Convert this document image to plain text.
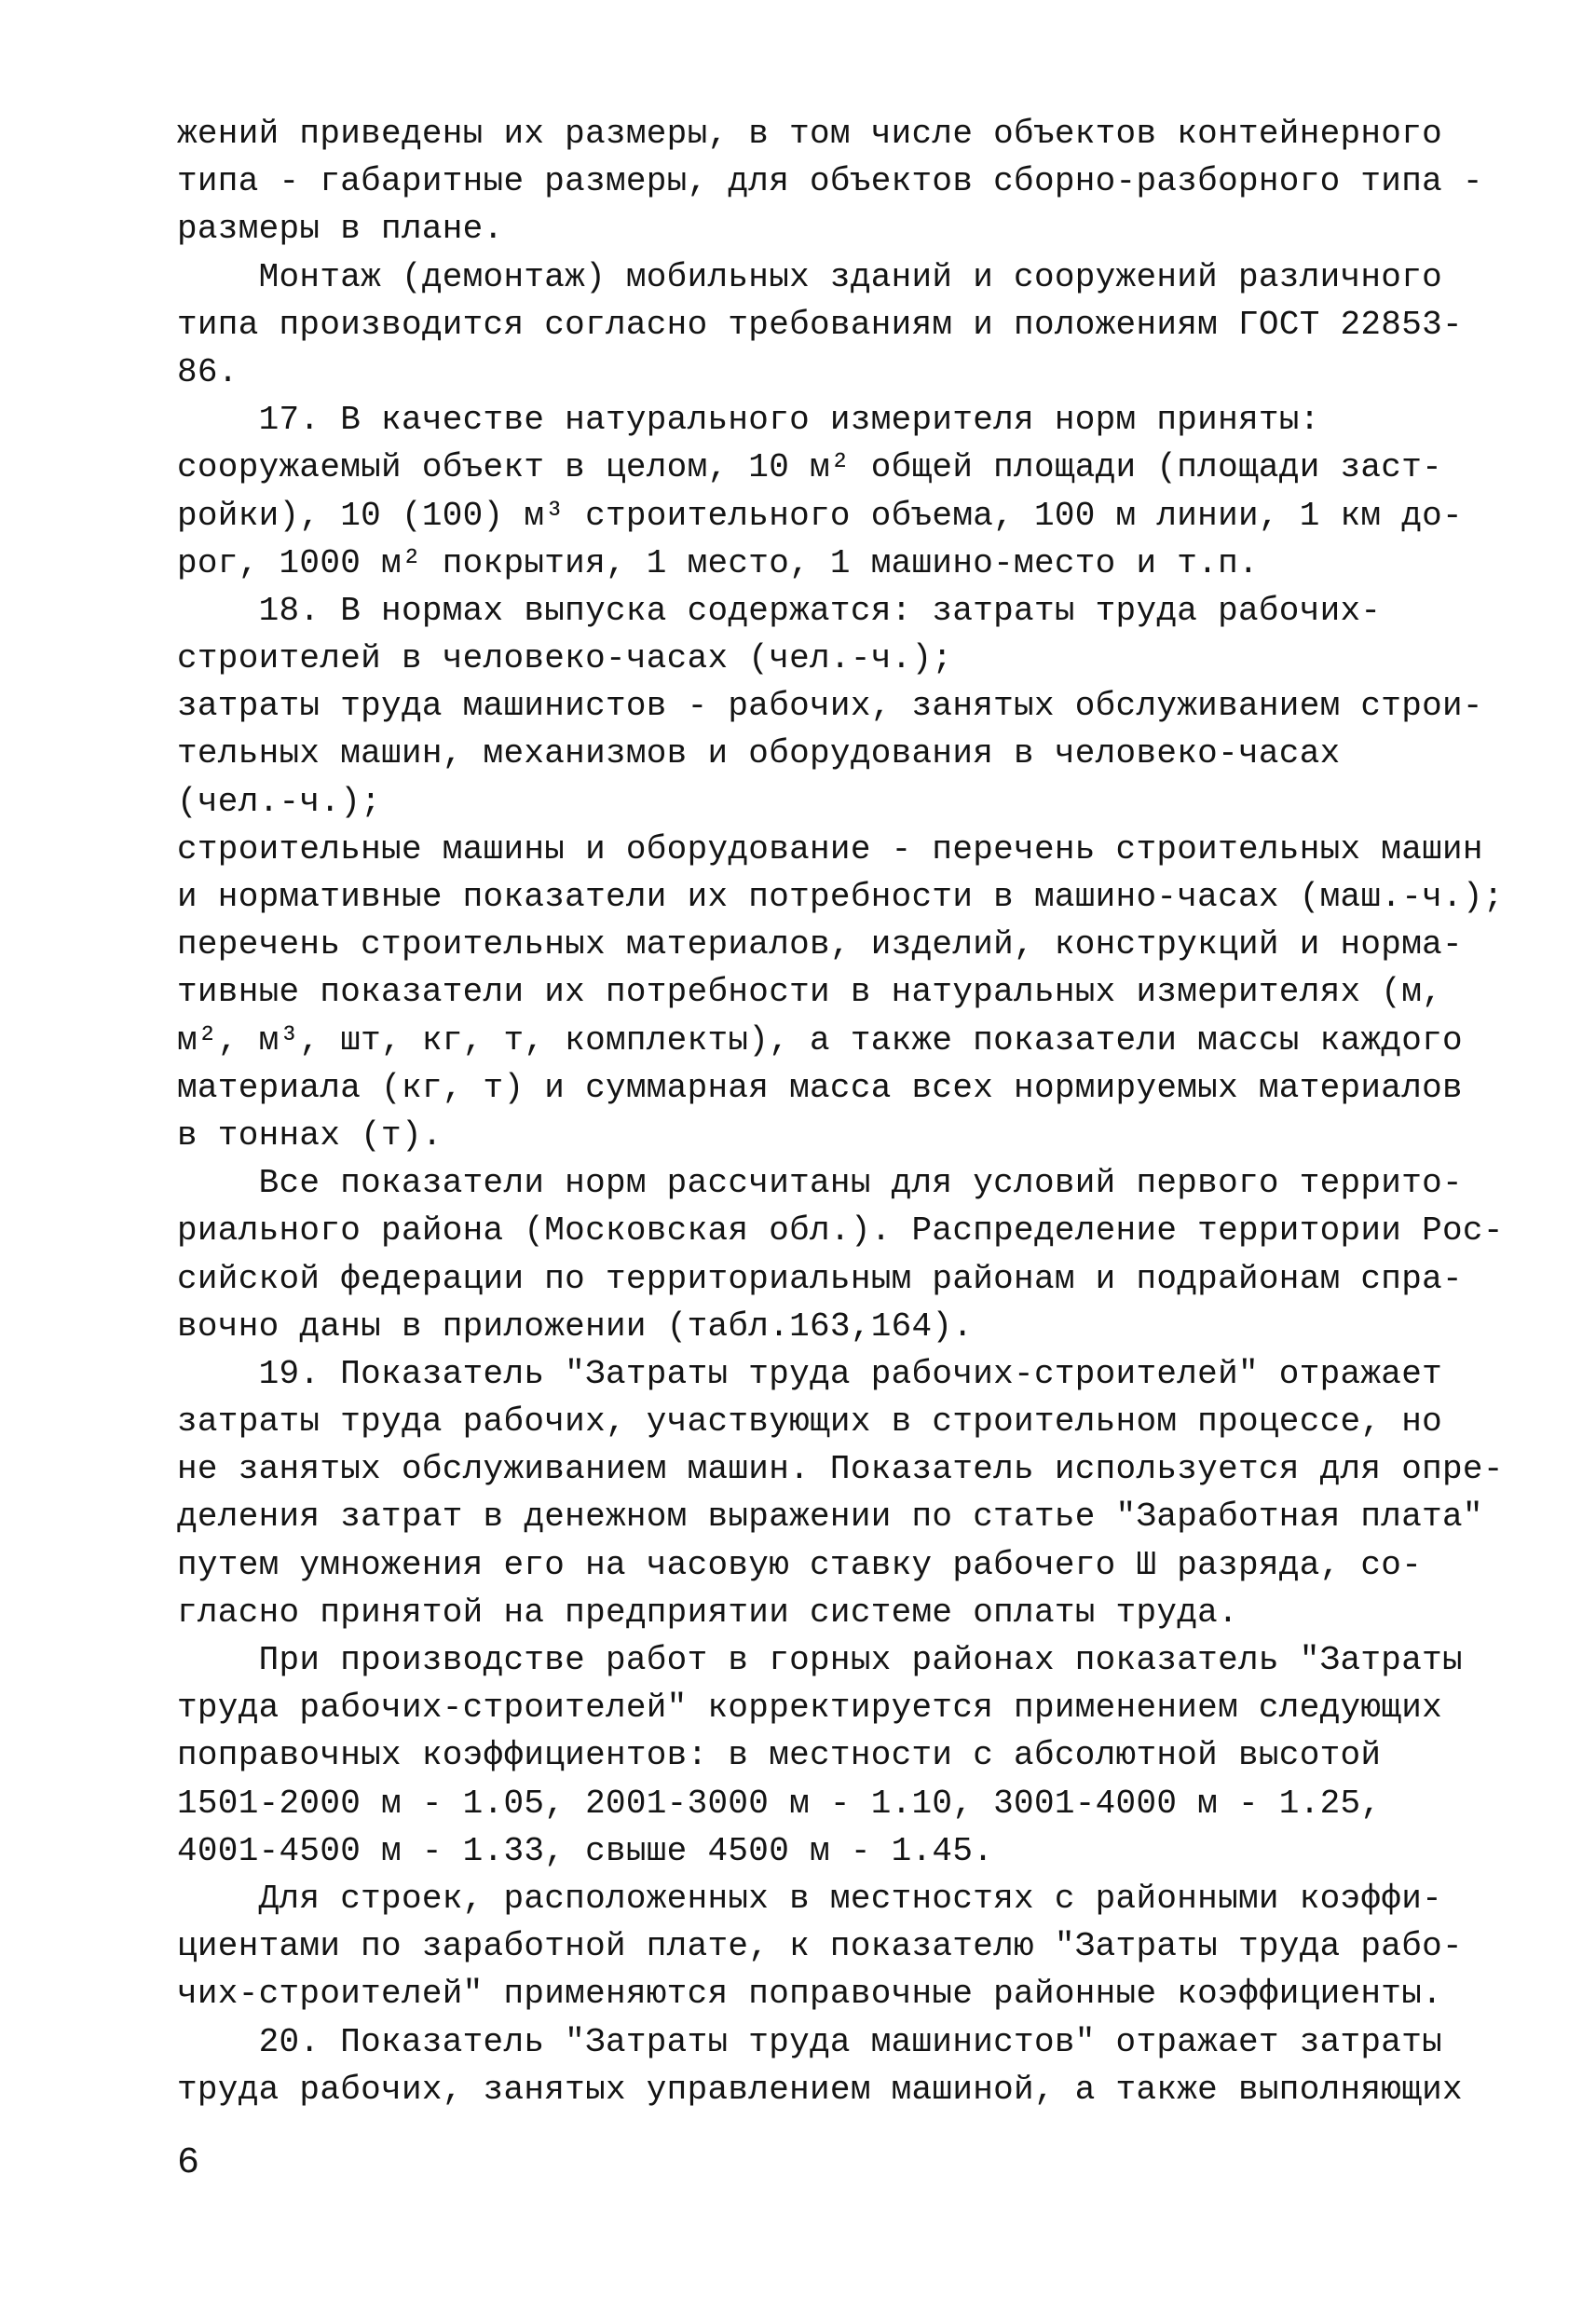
жений приведены их размеры, в том числе объектов контейнерного
типа - габаритные размеры, для объектов сборно-разборного типа -
размеры в плане.
Монтаж (демонтаж) мобильных зданий и сооружений различного
типа производится согласно требованиям и положениям ГОСТ 22853-
86.
17. В качестве натурального измерителя норм приняты:
сооружаемый объект в целом, 10 м² общей площади (площади заст-
ройки), 10 (100) м³ строительного объема, 100 м линии, 1 км до-
рог, 1000 м² покрытия, 1 место, 1 машино-место и т.п.
18. В нормах выпуска содержатся: затраты труда рабочих-
строителей в человеко-часах (чел.-ч.);
затраты труда машинистов - рабочих, занятых обслуживанием строи-
тельных машин, механизмов и оборудования в человеко-часах
(чел.-ч.);
строительные машины и оборудование - перечень строительных машин
и нормативные показатели их потребности в машино-часах (маш.-ч.);
перечень строительных материалов, изделий, конструкций и норма-
тивные показатели их потребности в натуральных измерителях (м,
м², м³, шт, кг, т, комплекты), а также показатели массы каждого
материала (кг, т) и суммарная масса всех нормируемых материалов
в тоннах (т).
Все показатели норм рассчитаны для условий первого террито-
риального района (Московская обл.). Распределение территории Рос-
сийской федерации по территориальным районам и подрайонам спра-
вочно даны в приложении (табл.163,164).
19. Показатель "Затраты труда рабочих-строителей" отражает
затраты труда рабочих, участвующих в строительном процессе, но
не занятых обслуживанием машин. Показатель используется для опре-
деления затрат в денежном выражении по статье "Заработная плата"
путем умножения его на часовую ставку рабочего Ш разряда, со-
гласно принятой на предприятии системе оплаты труда.
При производстве работ в горных районах показатель "Затраты
труда рабочих-строителей" корректируется применением следующих
поправочных коэффициентов: в местности с абсолютной высотой
1501-2000 м - 1.05, 2001-3000 м - 1.10, 3001-4000 м - 1.25,
4001-4500 м - 1.33, свыше 4500 м - 1.45.
Для строек, расположенных в местностях с районными коэффи-
циентами по заработной плате, к показателю "Затраты труда рабо-
чих-строителей" применяются поправочные районные коэффициенты.
20. Показатель "Затраты труда машинистов" отражает затраты
труда рабочих, занятых управлением машиной, а также выполняющих
6
